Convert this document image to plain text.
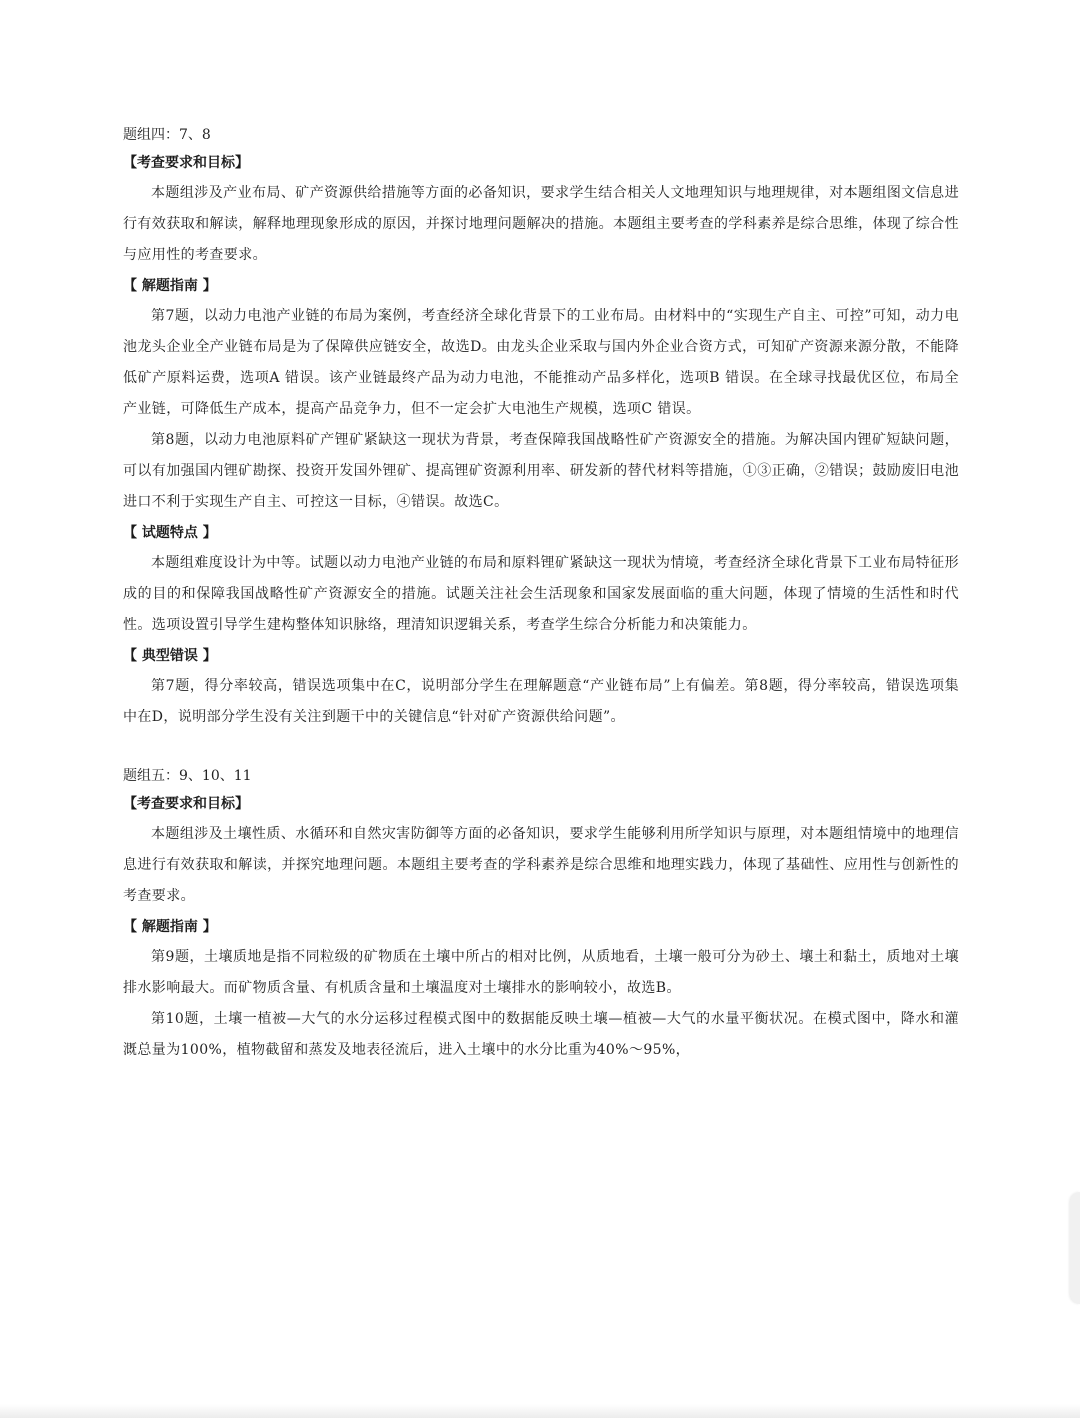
题组四：7、8

【考查要求和目标】

本题组涉及产业布局、矿产资源供给措施等方面的必备知识，要求学生结合相关人文地理知识与地理规律，对本题组图文信息进行有效获取和解读，解释地理现象形成的原因，并探讨地理问题解决的措施。本题组主要考查的学科素养是综合思维，体现了综合性与应用性的考查要求。

【 解题指南 】

第7题，以动力电池产业链的布局为案例，考查经济全球化背景下的工业布局。由材料中的“实现生产自主、可控”可知，动力电池龙头企业全产业链布局是为了保障供应链安全，故选D。由龙头企业采取与国内外企业合资方式，可知矿产资源来源分散，不能降低矿产原料运费，选项A 错误。该产业链最终产品为动力电池，不能推动产品多样化，选项B 错误。在全球寻找最优区位，布局全产业链，可降低生产成本，提高产品竞争力，但不一定会扩大电池生产规模，选项C 错误。

第8题，以动力电池原料矿产锂矿紧缺这一现状为背景，考查保障我国战略性矿产资源安全的措施。为解决国内锂矿短缺问题，可以有加强国内锂矿勘探、投资开发国外锂矿、提高锂矿资源利用率、研发新的替代材料等措施，①③正确，②错误；鼓励废旧电池进口不利于实现生产自主、可控这一目标，④错误。故选C。

【 试题特点 】

本题组难度设计为中等。试题以动力电池产业链的布局和原料锂矿紧缺这一现状为情境，考查经济全球化背景下工业布局特征形成的目的和保障我国战略性矿产资源安全的措施。试题关注社会生活现象和国家发展面临的重大问题，体现了情境的生活性和时代性。选项设置引导学生建构整体知识脉络，理清知识逻辑关系，考查学生综合分析能力和决策能力。

【 典型错误 】

第7题，得分率较高，错误选项集中在C，说明部分学生在理解题意“产业链布局”上有偏差。第8题，得分率较高，错误选项集中在D，说明部分学生没有关注到题干中的关键信息“针对矿产资源供给问题”。

题组五：9、10、11

【考查要求和目标】

本题组涉及土壤性质、水循环和自然灾害防御等方面的必备知识，要求学生能够利用所学知识与原理，对本题组情境中的地理信息进行有效获取和解读，并探究地理问题。本题组主要考查的学科素养是综合思维和地理实践力，体现了基础性、应用性与创新性的考查要求。

【 解题指南 】

第9题，土壤质地是指不同粒级的矿物质在土壤中所占的相对比例，从质地看，土壤一般可分为砂土、壤土和黏土，质地对土壤排水影响最大。而矿物质含量、有机质含量和土壤温度对土壤排水的影响较小，故选B。

第10题，土壤一植被—大气的水分运移过程模式图中的数据能反映土壤—植被—大气的水量平衡状况。在模式图中，降水和灌溉总量为100%，植物截留和蒸发及地表径流后，进入土壤中的水分比重为40%～95%，
